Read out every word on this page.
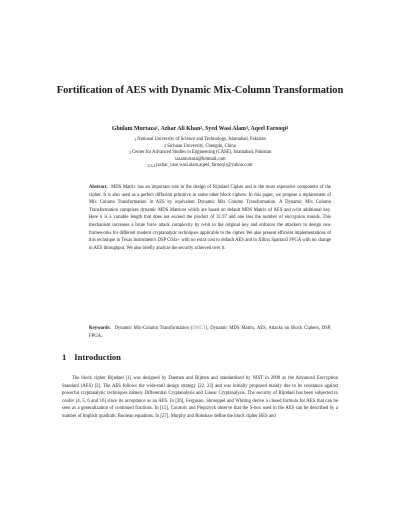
Fortification of AES with Dynamic Mix-Column Transformation
Ghulam Murtaza$^1$, Azhar Ali Khan$^2$, Syed Wasi Alam$^3$, Aqeel Farooqi$^4$
$^1$ National University of Science and Technology, Islamabad, Pakistan
$^2$ Sichuan University, Chengdu, China
$^3$ Center for Advanced Studies in Engineering (CASE), Islamabad, Pakistan
$^1$azamurtaza@hotmail.com
$^{2,3,4}${azhar_case,wasi.alam,aqeel_farooqi}@yahoo.com
Abstract. MDS Matrix has an important role in the design of Rijndael Cipher and is the most expensive component of the cipher. It is also used as a perfect diffusion primitive in some other block ciphers. In this paper, we propose a replacement of Mix Column Transformation in AES by equivalent Dynamic Mix Column Transformation. A Dynamic Mix Column Transformation comprises dynamic MDS Matrices which are based on default MDS Matrix of AES and n-bit additional key. Here n is a variable length that does not exceed the product of 31.97 and one less the number of encryption rounds. This mechanism increases a brute force attack complexity by n-bit to the original key and enforces the attackers to design new frameworks for different modern cryptanalytic techniques applicable to the cipher. We also present efficient implementations of this technique in Texas Instrument's DSP C64x+ with no extra cost to default AES and in Xilinx Spartan3 FPGA with no change in AES throughput. We also briefly analyze the security achieved over it.
Keywords: Dynamic Mix-Column Transformation (DMCT), Dynamic MDS Matrix, AES, Attacks on Block Ciphers, DSP, FPGA.
1 Introduction
The block cipher Rijndael [1] was designed by Daemen and Rijmen and standardized by NIST in 2000 as the Advanced Encryption Standard (AES) [2]. The AES follows the wide-trail design strategy [22, 23] and was initially proposed mainly due to its resistance against powerful cryptanalytic techniques namely Differential Cryptanalysis and Linear Cryptanalysis. The security of Rijndael has been subjected to confer [4, 5, 6 and 16] since its acceptance as an AES. In [26], Ferguson, Shroeppel and Whiting derive a closed formula for AES that can be seen as a generalization of continued fractions. In [15], Courtois and Pieprzyck observe that the S-box used in the AES can be described by a number of implicit quadratic Boolean equations. In [27], Murphy and Robshaw define the block cipher BES and
